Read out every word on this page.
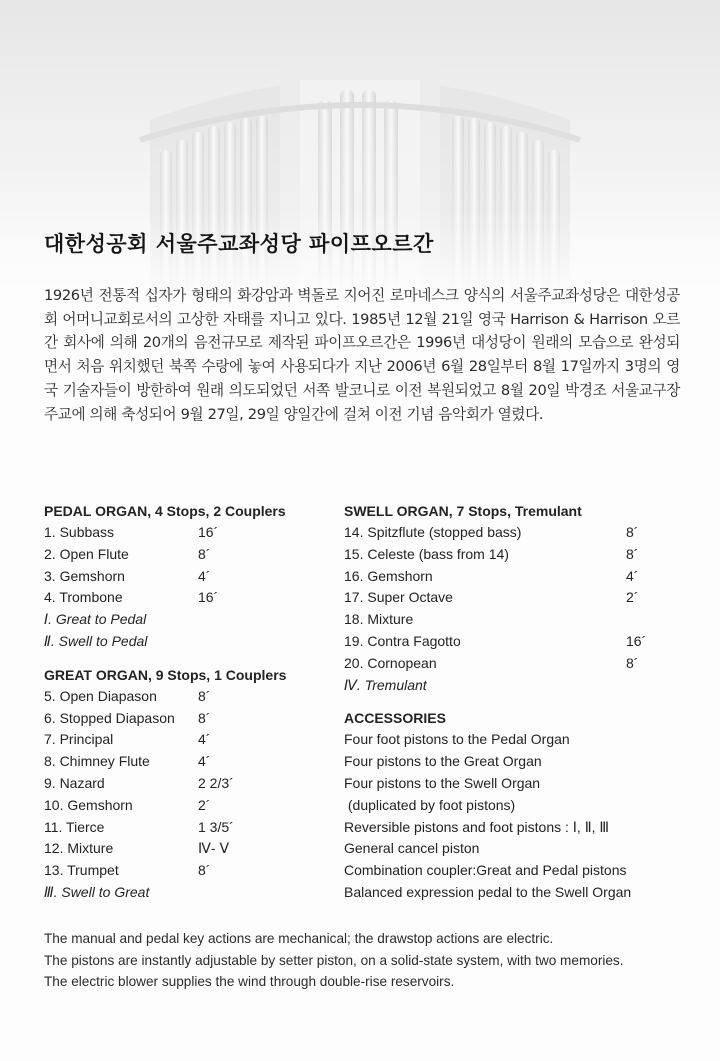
대한성공회 서울주교좌성당 파이프오르간

1926년 전통적 십자가 형태의 화강암과 벽돌로 지어진 로마네스크 양식의 서울주교좌성당은 대한성공회 어머니교회로서의 고상한 자태를 지니고 있다. 1985년 12월 21일 영국 Harrison & Harrison 오르간 회사에 의해 20개의 음전규모로 제작된 파이프오르간은 1996년 대성당이 원래의 모습으로 완성되면서 처음 위치했던 북쪽 수랑에 놓여 사용되다가 지난 2006년 6월 28일부터 8월 17일까지 3명의 영국 기술자들이 방한하여 원래 의도되었던 서쪽 발코니로 이전 복원되었고 8월 20일 박경조 서울교구장 주교에 의해 축성되어 9월 27일, 29일 양일간에 걸쳐 이전 기념 음악회가 열렸다.

PEDAL ORGAN, 4 Stops, 2 Couplers
1. Subbass	16´
2. Open Flute	8´
3. Gemshorn	4´
4. Trombone	16´
Ⅰ. Great to Pedal
Ⅱ. Swell to Pedal
GREAT ORGAN, 9 Stops, 1 Couplers
5. Open Diapason	8´
6. Stopped Diapason	8´
7. Principal	4´
8. Chimney Flute	4´
9. Nazard	2 2/3´
10. Gemshorn	2´
11. Tierce	1 3/5´
12. Mixture	Ⅳ- Ⅴ
13. Trumpet	8´
Ⅲ. Swell to Great
SWELL ORGAN, 7 Stops, Tremulant
14. Spitzflute (stopped bass)	8´
15. Celeste (bass from 14)	8´
16. Gemshorn	4´
17. Super Octave	2´
18. Mixture
19. Contra Fagotto	16´
20. Cornopean	8´
Ⅳ. Tremulant
ACCESSORIES
Four foot pistons to the Pedal Organ
Four pistons to the Great Organ
Four pistons to the Swell Organ
(duplicated by foot pistons)
Reversible pistons and foot pistons : Ⅰ, Ⅱ, Ⅲ
General cancel piston
Combination coupler:Great and Pedal pistons
Balanced expression pedal to the Swell Organ

The manual and pedal key actions are mechanical; the drawstop actions are electric.

The pistons are instantly adjustable by setter piston, on a solid-state system, with two memories.

The electric blower supplies the wind through double-rise reservoirs.
